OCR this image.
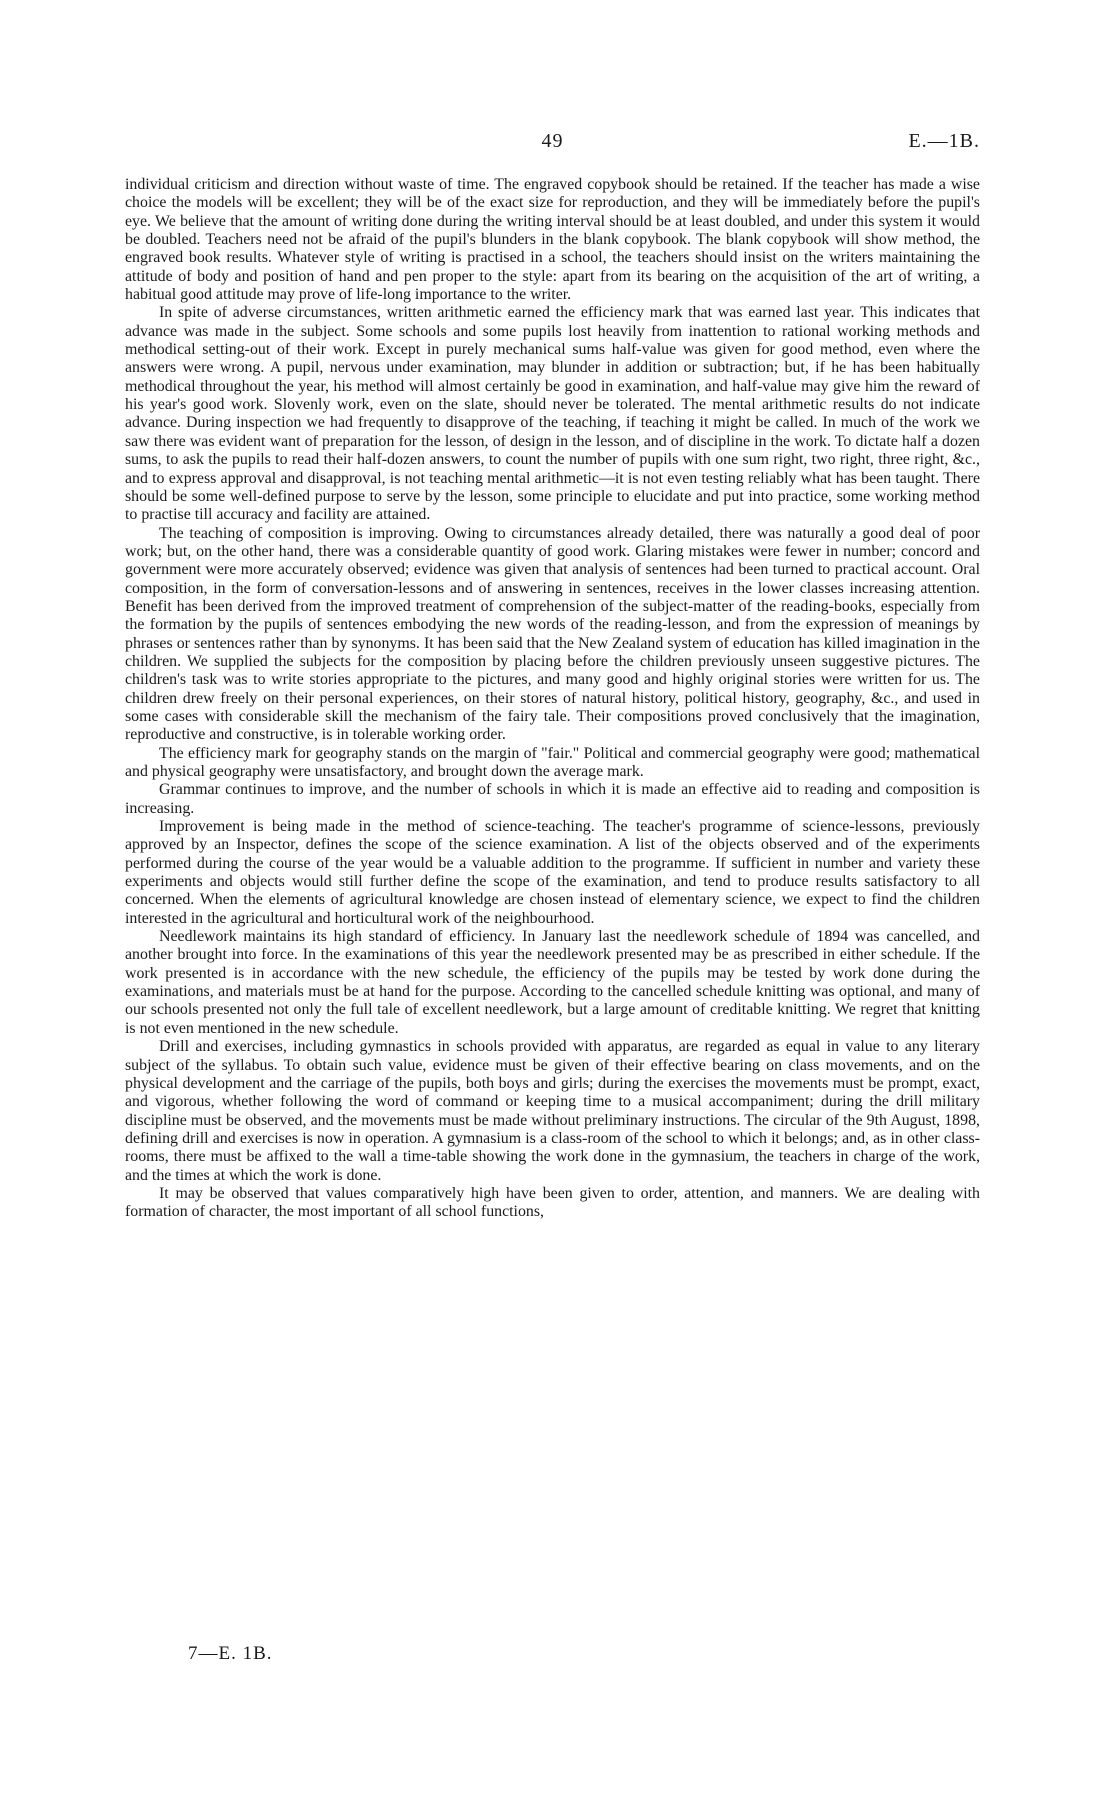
49	E.—1B.

individual criticism and direction without waste of time. The engraved copybook should be retained. If the teacher has made a wise choice the models will be excellent; they will be of the exact size for reproduction, and they will be immediately before the pupil's eye. We believe that the amount of writing done during the writing interval should be at least doubled, and under this system it would be doubled. Teachers need not be afraid of the pupil's blunders in the blank copybook. The blank copybook will show method, the engraved book results. Whatever style of writing is practised in a school, the teachers should insist on the writers maintaining the attitude of body and position of hand and pen proper to the style: apart from its bearing on the acquisition of the art of writing, a habitual good attitude may prove of life-long importance to the writer.

In spite of adverse circumstances, written arithmetic earned the efficiency mark that was earned last year. This indicates that advance was made in the subject. Some schools and some pupils lost heavily from inattention to rational working methods and methodical setting-out of their work. Except in purely mechanical sums half-value was given for good method, even where the answers were wrong. A pupil, nervous under examination, may blunder in addition or subtraction; but, if he has been habitually methodical throughout the year, his method will almost certainly be good in examination, and half-value may give him the reward of his year's good work. Slovenly work, even on the slate, should never be tolerated. The mental arithmetic results do not indicate advance. During inspection we had frequently to disapprove of the teaching, if teaching it might be called. In much of the work we saw there was evident want of preparation for the lesson, of design in the lesson, and of discipline in the work. To dictate half a dozen sums, to ask the pupils to read their half-dozen answers, to count the number of pupils with one sum right, two right, three right, &c., and to express approval and disapproval, is not teaching mental arithmetic—it is not even testing reliably what has been taught. There should be some well-defined purpose to serve by the lesson, some principle to elucidate and put into practice, some working method to practise till accuracy and facility are attained.

The teaching of composition is improving. Owing to circumstances already detailed, there was naturally a good deal of poor work; but, on the other hand, there was a considerable quantity of good work. Glaring mistakes were fewer in number; concord and government were more accurately observed; evidence was given that analysis of sentences had been turned to practical account. Oral composition, in the form of conversation-lessons and of answering in sentences, receives in the lower classes increasing attention. Benefit has been derived from the improved treatment of comprehension of the subject-matter of the reading-books, especially from the formation by the pupils of sentences embodying the new words of the reading-lesson, and from the expression of meanings by phrases or sentences rather than by synonyms. It has been said that the New Zealand system of education has killed imagination in the children. We supplied the subjects for the composition by placing before the children previously unseen suggestive pictures. The children's task was to write stories appropriate to the pictures, and many good and highly original stories were written for us. The children drew freely on their personal experiences, on their stores of natural history, political history, geography, &c., and used in some cases with considerable skill the mechanism of the fairy tale. Their compositions proved conclusively that the imagination, reproductive and constructive, is in tolerable working order.

The efficiency mark for geography stands on the margin of "fair." Political and commercial geography were good; mathematical and physical geography were unsatisfactory, and brought down the average mark.

Grammar continues to improve, and the number of schools in which it is made an effective aid to reading and composition is increasing.

Improvement is being made in the method of science-teaching. The teacher's programme of science-lessons, previously approved by an Inspector, defines the scope of the science examination. A list of the objects observed and of the experiments performed during the course of the year would be a valuable addition to the programme. If sufficient in number and variety these experiments and objects would still further define the scope of the examination, and tend to produce results satisfactory to all concerned. When the elements of agricultural knowledge are chosen instead of elementary science, we expect to find the children interested in the agricultural and horticultural work of the neighbourhood.

Needlework maintains its high standard of efficiency. In January last the needlework schedule of 1894 was cancelled, and another brought into force. In the examinations of this year the needlework presented may be as prescribed in either schedule. If the work presented is in accordance with the new schedule, the efficiency of the pupils may be tested by work done during the examinations, and materials must be at hand for the purpose. According to the cancelled schedule knitting was optional, and many of our schools presented not only the full tale of excellent needlework, but a large amount of creditable knitting. We regret that knitting is not even mentioned in the new schedule.

Drill and exercises, including gymnastics in schools provided with apparatus, are regarded as equal in value to any literary subject of the syllabus. To obtain such value, evidence must be given of their effective bearing on class movements, and on the physical development and the carriage of the pupils, both boys and girls; during the exercises the movements must be prompt, exact, and vigorous, whether following the word of command or keeping time to a musical accompaniment; during the drill military discipline must be observed, and the movements must be made without preliminary instructions. The circular of the 9th August, 1898, defining drill and exercises is now in operation. A gymnasium is a class-room of the school to which it belongs; and, as in other class-rooms, there must be affixed to the wall a time-table showing the work done in the gymnasium, the teachers in charge of the work, and the times at which the work is done.

It may be observed that values comparatively high have been given to order, attention, and manners. We are dealing with formation of character, the most important of all school functions,

7—E. 1B.
